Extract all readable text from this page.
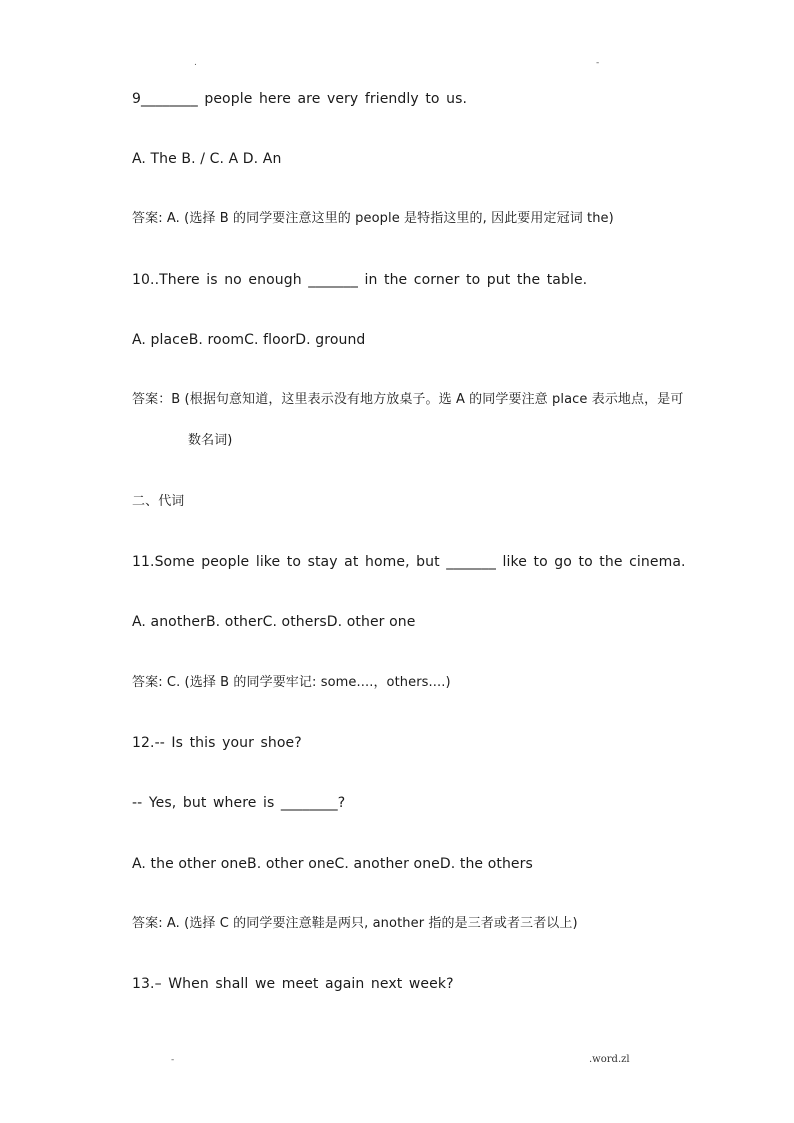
.	-
9________ people here are very friendly to us.
A. The B. / C. A D. An
答案: A. (选择 B 的同学要注意这里的 people 是特指这里的, 因此要用定冠词 the)
10..There is no enough _______ in the corner to put the table.
A. placeB. roomC. floorD. ground
答案：B (根据句意知道，这里表示没有地方放桌子。选 A 的同学要注意 place 表示地点，是可
数名词)
二、代词
11.Some people like to stay at home, but _______ like to go to the cinema.
A. anotherB. otherC. othersD. other one
答案: C. (选择 B 的同学要牢记: some....，others....)
12.-- Is this your shoe?
-- Yes, but where is ________?
A. the other oneB. other oneC. another oneD. the others
答案: A. (选择 C 的同学要注意鞋是两只, another 指的是三者或者三者以上)
13.– When shall we meet again next week?
-	.word.zl
